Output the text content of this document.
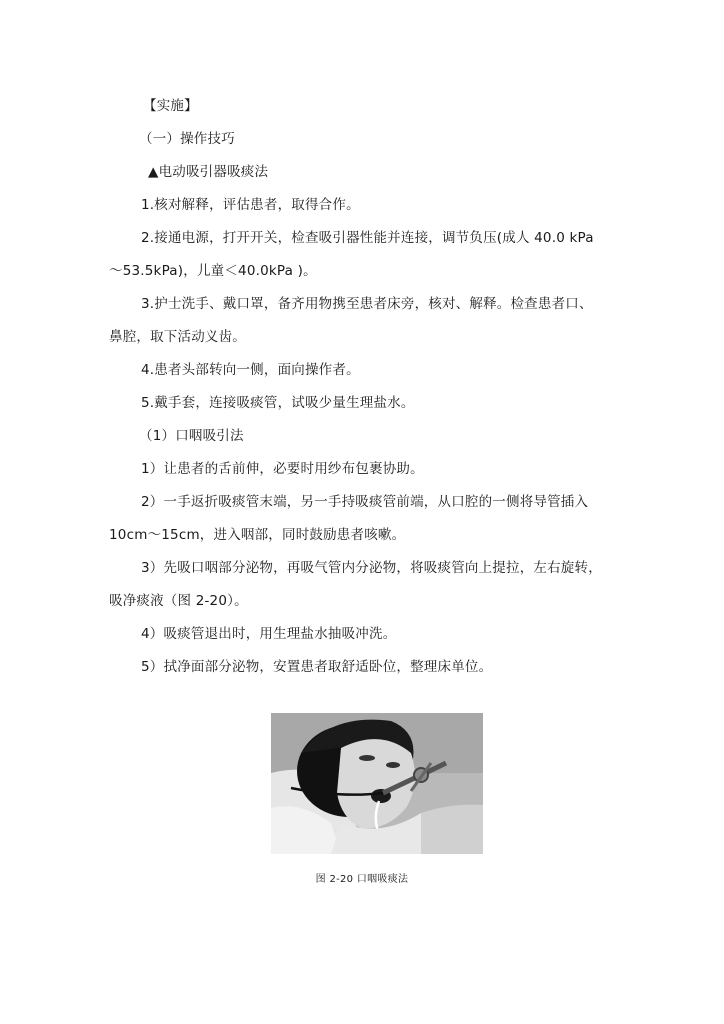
【实施】
（一）操作技巧
▲电动吸引器吸痰法
1.核对解释，评估患者，取得合作。
2.接通电源，打开开关，检查吸引器性能并连接，调节负压(成人 40.0 kPa
～53.5kPa)，儿童＜40.0kPa )。
3.护士洗手、戴口罩，备齐用物携至患者床旁，核对、解释。检查患者口、
鼻腔，取下活动义齿。
4.患者头部转向一侧，面向操作者。
5.戴手套，连接吸痰管，试吸少量生理盐水。
（1）口咽吸引法
1）让患者的舌前伸，必要时用纱布包裹协助。
2）一手返折吸痰管末端，另一手持吸痰管前端，从口腔的一侧将导管插入
10cm～15cm，进入咽部，同时鼓励患者咳嗽。
3）先吸口咽部分泌物，再吸气管内分泌物，将吸痰管向上提拉，左右旋转，
吸净痰液（图 2-20）。
4）吸痰管退出时，用生理盐水抽吸冲洗。
5）拭净面部分泌物，安置患者取舒适卧位，整理床单位。
图 2-20 口咽吸痰法
